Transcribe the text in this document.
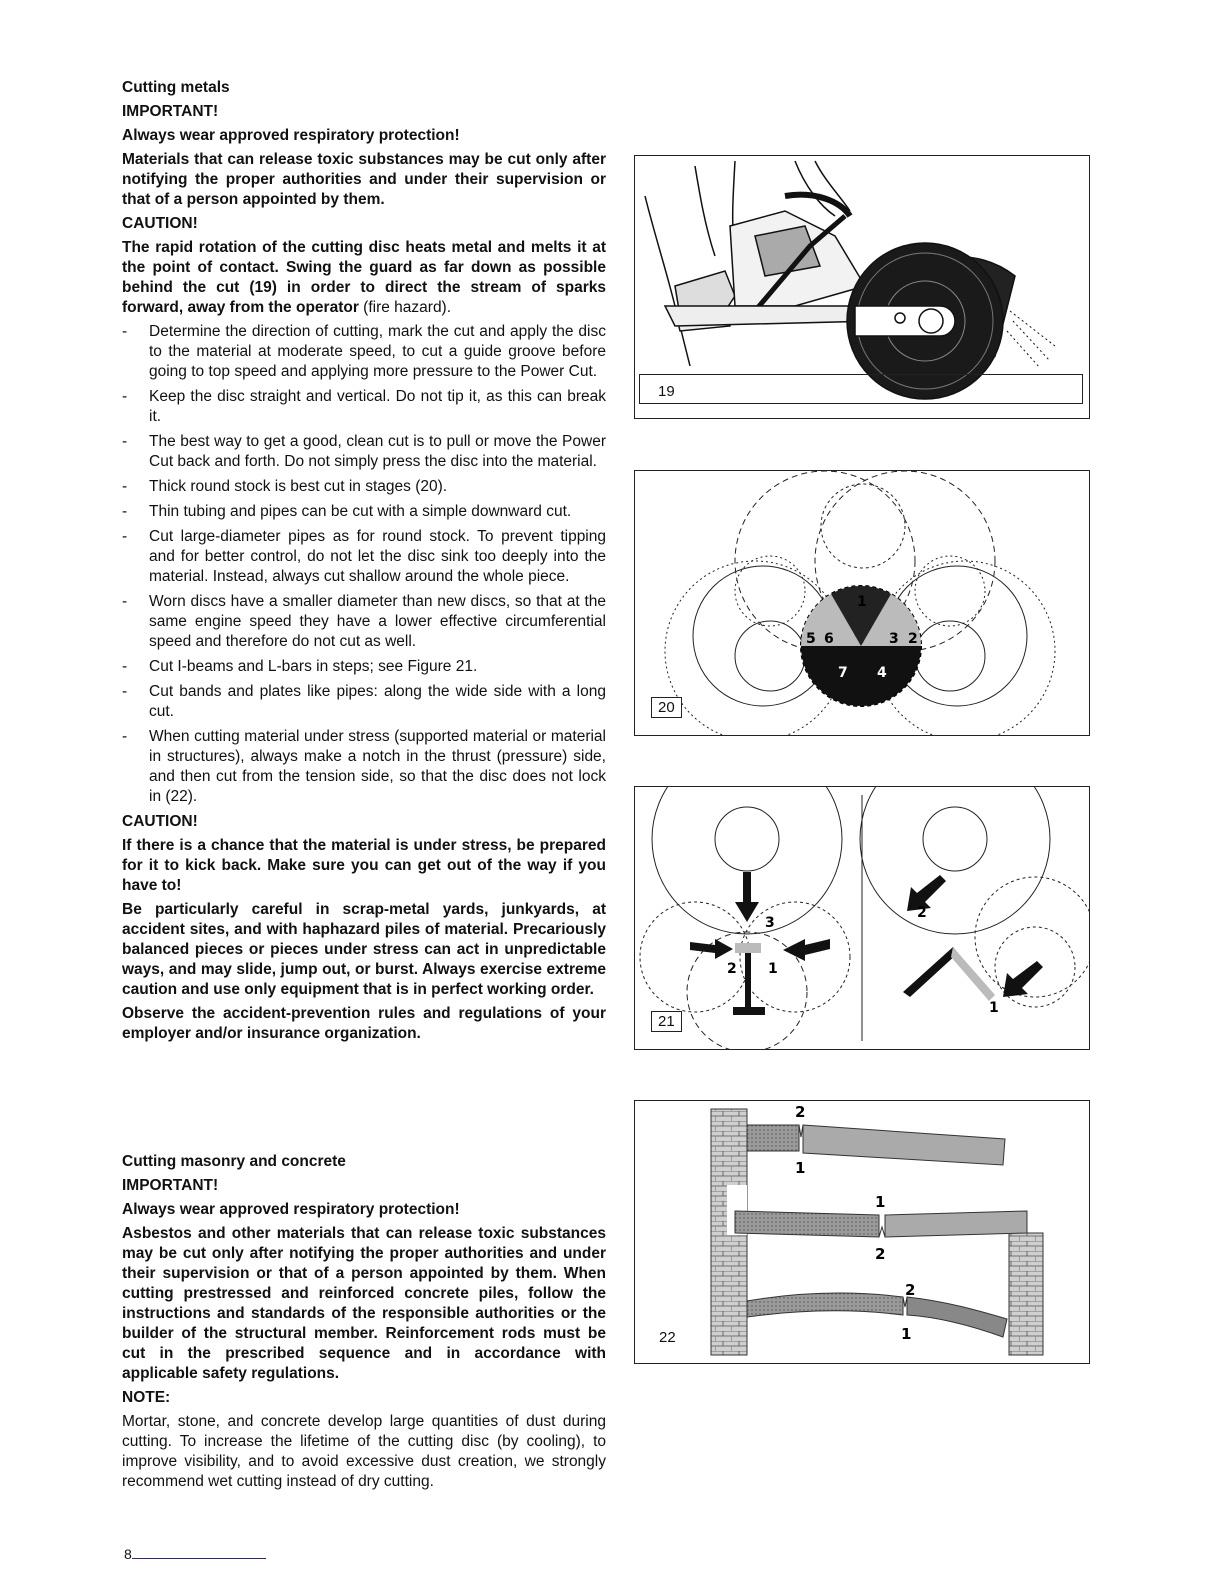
Cutting metals

IMPORTANT!

Always wear approved respiratory protection!

Materials that can release toxic substances may be cut only after notifying the proper authorities and under their supervision or that of a person appointed by them.

CAUTION!

The rapid rotation of the cutting disc heats metal and melts it at the point of contact. Swing the guard as far down as possible behind the cut (19) in order to direct the stream of sparks forward, away from the operator (fire hazard).

- Determine the direction of cutting, mark the cut and apply the disc to the material at moderate speed, to cut a guide groove before going to top speed and applying more pressure to the Power Cut.
- Keep the disc straight and vertical. Do not tip it, as this can break it.
- The best way to get a good, clean cut is to pull or move the Power Cut back and forth. Do not simply press the disc into the material.
- Thick round stock is best cut in stages (20).
- Thin tubing and pipes can be cut with a simple downward cut.
- Cut large-diameter pipes as for round stock. To prevent tipping and for better control, do not let the disc sink too deeply into the material. Instead, always cut shallow around the whole piece.
- Worn discs have a smaller diameter than new discs, so that at the same engine speed they have a lower effective circumferential speed and therefore do not cut as well.
- Cut I-beams and L-bars in steps; see Figure 21.
- Cut bands and plates like pipes: along the wide side with a long cut.
- When cutting material under stress (supported material or material in structures), always make a notch in the thrust (pressure) side, and then cut from the tension side, so that the disc does not lock in (22).

CAUTION!

If there is a chance that the material is under stress, be prepared for it to kick back. Make sure you can get out of the way if you have to!

Be particularly careful in scrap-metal yards, junkyards, at accident sites, and with haphazard piles of material. Precariously balanced pieces or pieces under stress can act in unpredictable ways, and may slide, jump out, or burst. Always exercise extreme caution and use only equipment that is in perfect working order.

Observe the accident-prevention rules and regulations of your employer and/or insurance organization.

Cutting masonry and concrete

IMPORTANT!

Always wear approved respiratory protection!

Asbestos and other materials that can release toxic substances may be cut only after notifying the proper authorities and under their supervision or that of a person appointed by them. When cutting prestressed and reinforced concrete piles, follow the instructions and standards of the responsible authorities or the builder of the structural member. Reinforcement rods must be cut in the prescribed sequence and in accordance with applicable safety regulations.

NOTE:

Mortar, stone, and concrete develop large quantities of dust during cutting. To increase the lifetime of the cutting disc (by cooling), to improve visibility, and to avoid excessive dust creation, we strongly recommend wet cutting instead of dry cutting.

19
1
5 6	3 2
7 4
20
3
2 1
2
1
21
2
1
1
2
2
1
22
8
